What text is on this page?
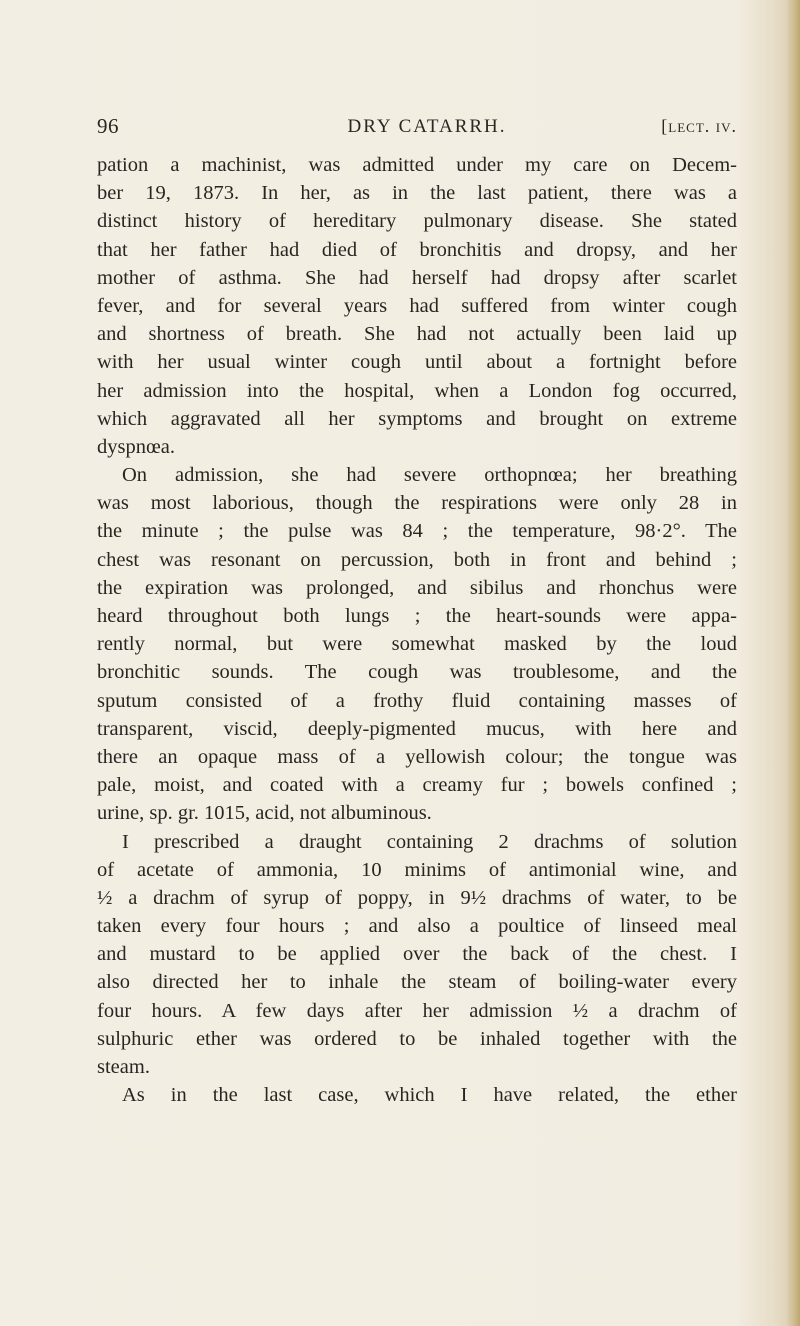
96	DRY CATARRH.	[lect. iv.
pation a machinist, was admitted under my care on Decem-
ber 19, 1873. In her, as in the last patient, there was a
distinct history of hereditary pulmonary disease. She stated
that her father had died of bronchitis and dropsy, and her
mother of asthma. She had herself had dropsy after scarlet
fever, and for several years had suffered from winter cough
and shortness of breath. She had not actually been laid up
with her usual winter cough until about a fortnight before
her admission into the hospital, when a London fog occurred,
which aggravated all her symptoms and brought on extreme
dyspnœa.
On admission, she had severe orthopnœa; her breathing
was most laborious, though the respirations were only 28 in
the minute ; the pulse was 84 ; the temperature, 98·2°. The
chest was resonant on percussion, both in front and behind ;
the expiration was prolonged, and sibilus and rhonchus were
heard throughout both lungs ; the heart-sounds were appa-
rently normal, but were somewhat masked by the loud
bronchitic sounds. The cough was troublesome, and the
sputum consisted of a frothy fluid containing masses of
transparent, viscid, deeply-pigmented mucus, with here and
there an opaque mass of a yellowish colour; the tongue was
pale, moist, and coated with a creamy fur ; bowels confined ;
urine, sp. gr. 1015, acid, not albuminous.
I prescribed a draught containing 2 drachms of solution
of acetate of ammonia, 10 minims of antimonial wine, and
½ a drachm of syrup of poppy, in 9½ drachms of water, to be
taken every four hours ; and also a poultice of linseed meal
and mustard to be applied over the back of the chest. I
also directed her to inhale the steam of boiling-water every
four hours. A few days after her admission ½ a drachm of
sulphuric ether was ordered to be inhaled together with the
steam.
As in the last case, which I have related, the ether
